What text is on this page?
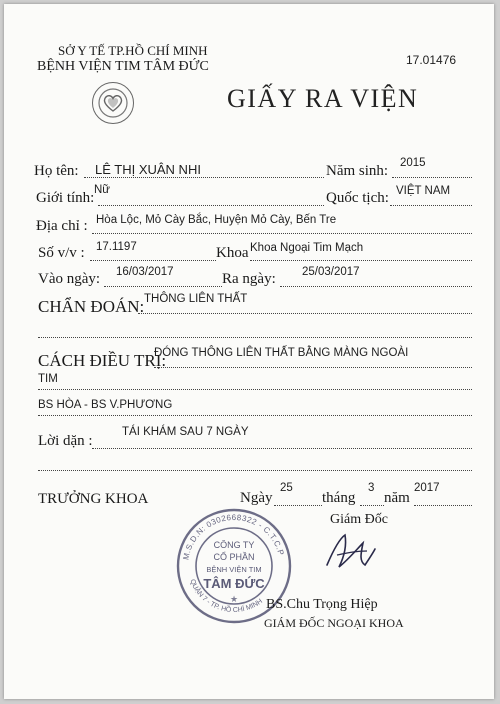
SỞ Y TẾ TP.HỒ CHÍ MINH
BỆNH VIỆN TIM TÂM ĐỨC	17.01476
GIẤY RA VIỆN
Họ tên: LÊ THỊ XUÂN NHI	Năm sinh: 2015
Giới tính: Nữ	Quốc tịch: VIỆT NAM
Địa chỉ : Hòa Lộc, Mỏ Cày Bắc, Huyện Mỏ Cày, Bến Tre
Số v/v : 17.1197	Khoa Khoa Ngoại Tim Mạch
Vào ngày: 16/03/2017	Ra ngày: 25/03/2017
CHẨN ĐOÁN: THÔNG LIÊN THẤT
CÁCH ĐIỀU TRỊ:
ĐÓNG THÔNG LIÊN THẤT BẰNG MÀNG NGOÀI
TIM
BS HÒA - BS V.PHƯƠNG
Lời dặn :
TÁI KHÁM SAU 7 NGÀY
TRƯỞNG KHOA	Ngày
25
tháng
3
năm
2017
Giám Đốc
M.S.D.N: 0302668322 - C.T.C.P
QUẬN 7 - TP. HỒ CHÍ MINH
CÔNG TY
CỔ PHẦN
BỆNH VIỆN TIM
TÂM ĐỨC
★ BS.Chu Trọng Hiệp
GIÁM ĐỐC NGOẠI KHOA
